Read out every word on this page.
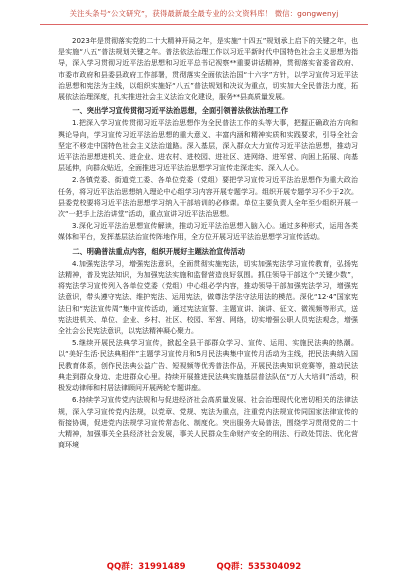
关注头条号“公文研究”，获得最新最全最专业的公文资料库！ 微信：gongwenyj

2023年是贯彻落实党的二十大精神开局之年，是实施“十四五”规划承上启下的关键之年，也是实施“八五”普法规划关键之年。普法依法治理工作以习近平新时代中国特色社会主义思想为指导，深入学习贯彻习近平法治思想和习近平总书记视察**重要讲话精神，贯彻落实省委省政府、市委市政府和县委县政府工作部署，贯彻落实全面依法治国“十六字”方针，以学习宣传习近平法治思想和宪法为主线，以组织实施好“八五”普法规划和决议为重点，切实加大全民普法力度，拓展依法治理深度，扎实推进社会主义法治文化建设，服务**县高质量发展。

一、突出学习宣传贯彻习近平法治思想，全面引领普法依法治理工作

1.把深入学习宣传贯彻习近平法治思想作为全民普法工作的头等大事，把握正确政治方向和舆论导向，学习宣传习近平法治思想的重大意义、丰富内涵和精神实质和实践要求，引导全社会坚定不移走中国特色社会主义法治道路。深入基层，深入群众大力宣传习近平法治思想，推动习近平法治思想进机关、进企业、进农村、进校园、进社区、进网络、进军营、向困上拓展、向基层延伸，向群众贴近，全面推进习近平法治思想学习宣传走深走实、深入人心。

2.各镇党委、街道党工委、各单位党委（党组）要把学习宣传习近平法治思想作为重大政治任务，将习近平法治思想纳入理论中心组学习内容开展专题学习。组织开展专题学习不少于2次。县委党校要将习近平法治思想学习纳入干部培训的必修课。单位主要负责人全年至少组织开展一次“一把手上法治讲堂”活动，重点宣讲习近平法治思想。

3.深化习近平法治思想宣传解读，推动习近平法治思想入脑入心。通过多种形式，运用各类媒体和平台，发挥基层法治宣传阵地作用，全方位开展习近平法治思想学习宣传活动。

二、明确普法重点内容，组织开展好主题法治宣传活动

4.加强宪法学习，增强宪法意识，全面贯彻实施宪法，切实加强宪法学习宣传教育，弘扬宪法精神，普及宪法知识，为加强宪法实施和监督营造良好氛围。抓住领导干部这个“关键少数”，将宪法学习宣传列入各单位党委（党组）中心组必学内容，推动领导干部加强宪法学习，增强宪法意识，带头遵守宪法、维护宪法、运用宪法，做尊法学法守法用法的模范。深化“12·4”国家宪法日和“宪法宣传周”集中宣传活动，通过宪法宣誓、主题宣讲、演讲、征文、微视频等形式，送宪法进机关、单位、企业、乡村、社区、校园、军营、网络，切实增强公职人员宪法观念，增强全社会公民宪法意识，以宪法精神凝心聚力。

5.继续开展民法典学习宣传，掀起全县干部群众学习、宣传、运用、实施民法典的热潮。以“美好生活·民法典相伴”主题学习宣传月和5月民法典集中宣传月活动为主线，把民法典纳入国民教育体系，创作民法典公益广告、短视频等优秀普法作品，开展民法典知识竞赛等，推动民法典走到群众身边、走进群众心里。持续开展推进民法典实施基层普法队伍“万人大培训”活动，积极发动律师和村居法律顾问开展两轮专题讲座。

6.持续学习宣传党内法规和与促进经济社会高质量发展、社会治理现代化密切相关的法律法规，深入学习宣传党内法规，以党章、党规、宪法为重点，注重党内法规宣传同国家法律宣传的衔接协调，促进党内法规学习宣传常态化、制度化。突出服务大局普法，围绕学习贯彻党的二十大精神，加强事关全县经济社会发展，事关人民群众生命财产安全的刑法、行政处罚法、优化营商环境

QQ群：31991489	QQ群：535304092
